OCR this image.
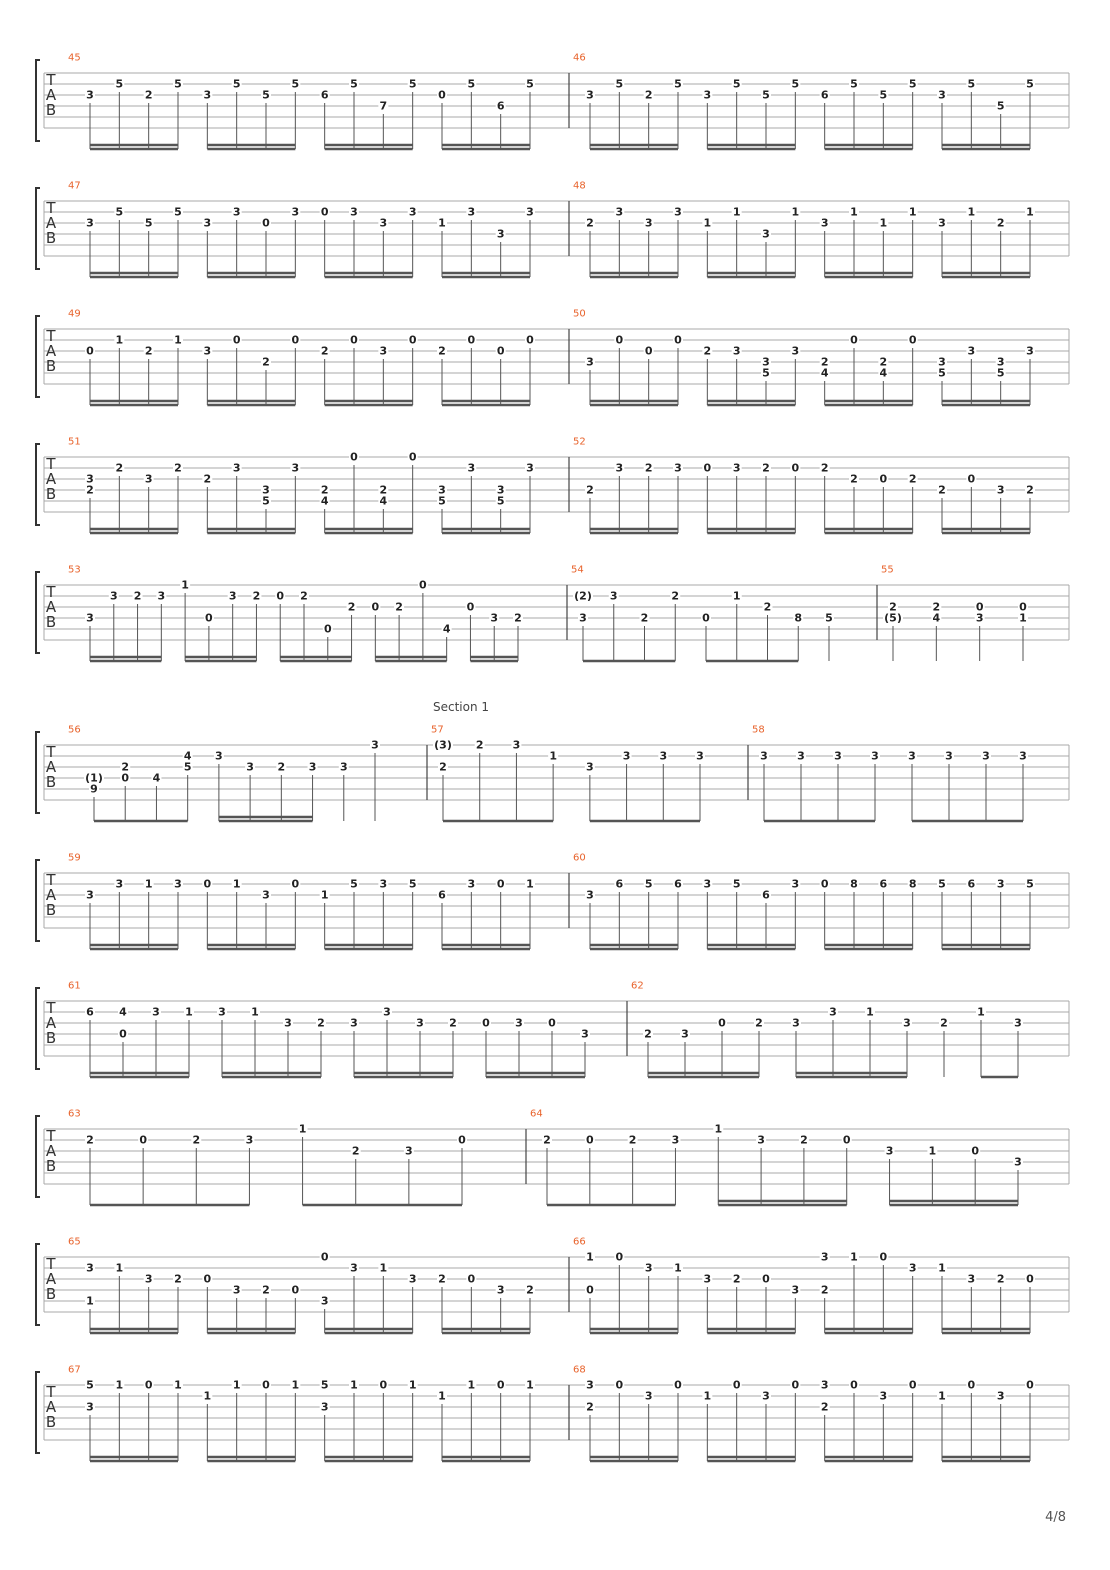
T
A
B
45
3
5
2
5
3
5
5
5
6
5
7
5
0
5
6
5
46
3
5
2
5
3
5
5
5
6
5
5
5
3
5
5
5
T
A
B
47
3
5
5
5
3
3
0
3 0 3
3
3
1
3
3
3
48
2
3
3
3
1
1
3
1
3
1
1
1
3
1
2
1
T
A
B
49
0
1
2
1
3
0
2
0
2
0
3
0
2
0
0
0
50
3
0
0
0
2 3
3
5
3
2
4
0
2
4
0
3
5
3
3
5
3
T
A
B
51
3
2
2
3
2
2
3
3
5
3
2
4
0
2
4
0
3
5
3
3
5
3
52
2
3 2 3 0 3 2 0 2
2 0 2
2
0
3 2
T
A
B
53
3
3 2 3
1
0
3 2 0 2
0
2 0 2
0
4
0
3 2
54
(2)
3
3
2
2
0
1
2
8 5
55
2
(5)
2
4
0
3
0
1
T
A
B
56
(1)
9
2
0 4
4
5
3
3 2 3 3
3
57
(3)
2
2	3
1
3
3	3	3
58
3	3	3	3	3	3	3	3
Section 1
T
A
B
59
3
3 1 3 0 1
3
0
1
5 3 5
6
3 0 1
60
3
6 5 6 3 5
6
3 0 8 6 8 5 6 3 5
T
A
B
61
6 4
0
3 1 3 1
3 2 3
3
3 2 0 3 0
3
62
2	3
0	2	3
3	1
3	2
1
3
T
A
B
63
2	0	2	3
1
2	3
0
64
2	0	2	3
1
3	2	0
3	1	0
3
T
A
B
65
3
1
1
3 2 0
3 2 0
0
3
3 1
3 2 0
3 2
66
1
0
0
3 1
3 2 0
3
3
2
1 0
3 1
3 2 0
T
A
B
67
5
3
1 0 1
1
1 0 1 5
3
1 0 1
1
1 0 1
68
3
2
0
3
0
1
0
3
0 3
2
0
3
0
1
0
3
0
4/8
